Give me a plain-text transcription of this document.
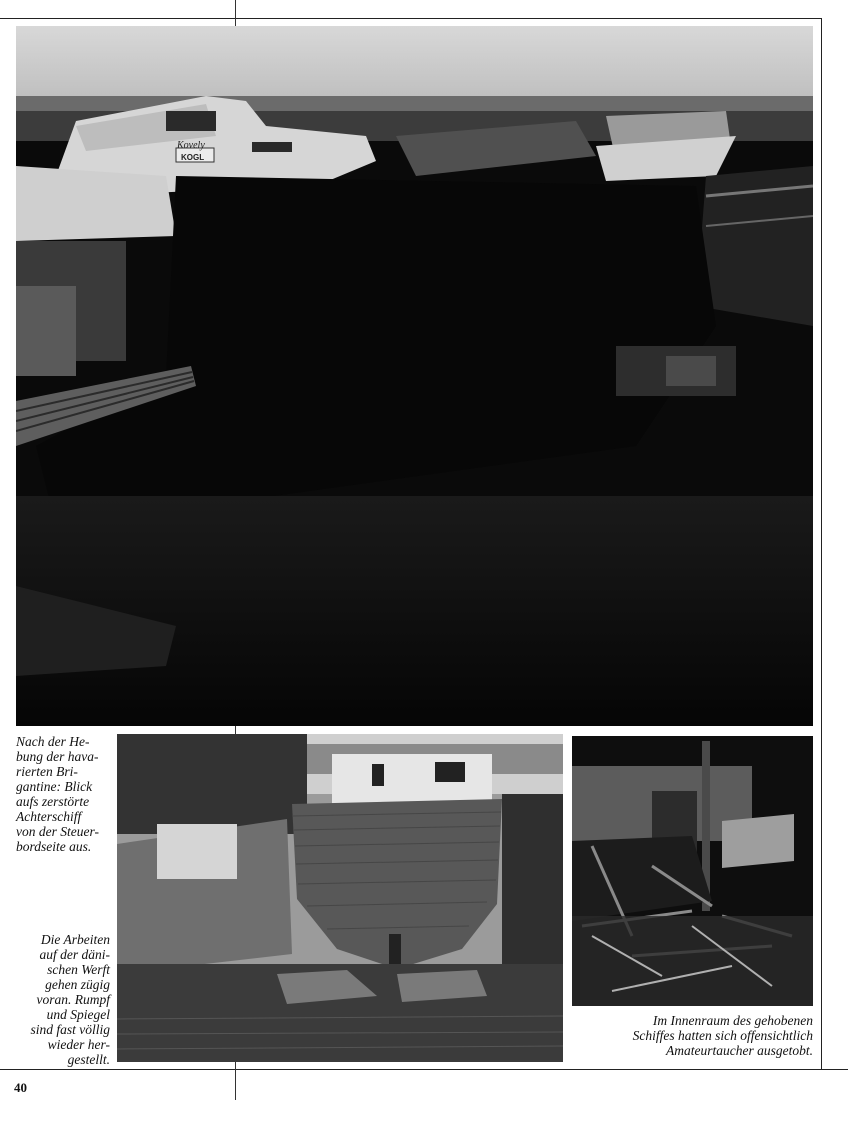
Kovely
KOGL
Nach der He-
bung der hava-
rierten Bri-
gantine: Blick
aufs zerstörte
Achterschiff
von der Steuer-
bordseite aus.
Die Arbeiten
auf der däni-
schen Werft
gehen zügig
voran. Rumpf
und Spiegel
sind fast völlig
wieder her-
gestellt.
Im Innenraum des gehobenen
Schiffes hatten sich offensichtlich
Amateurtaucher ausgetobt.
40
